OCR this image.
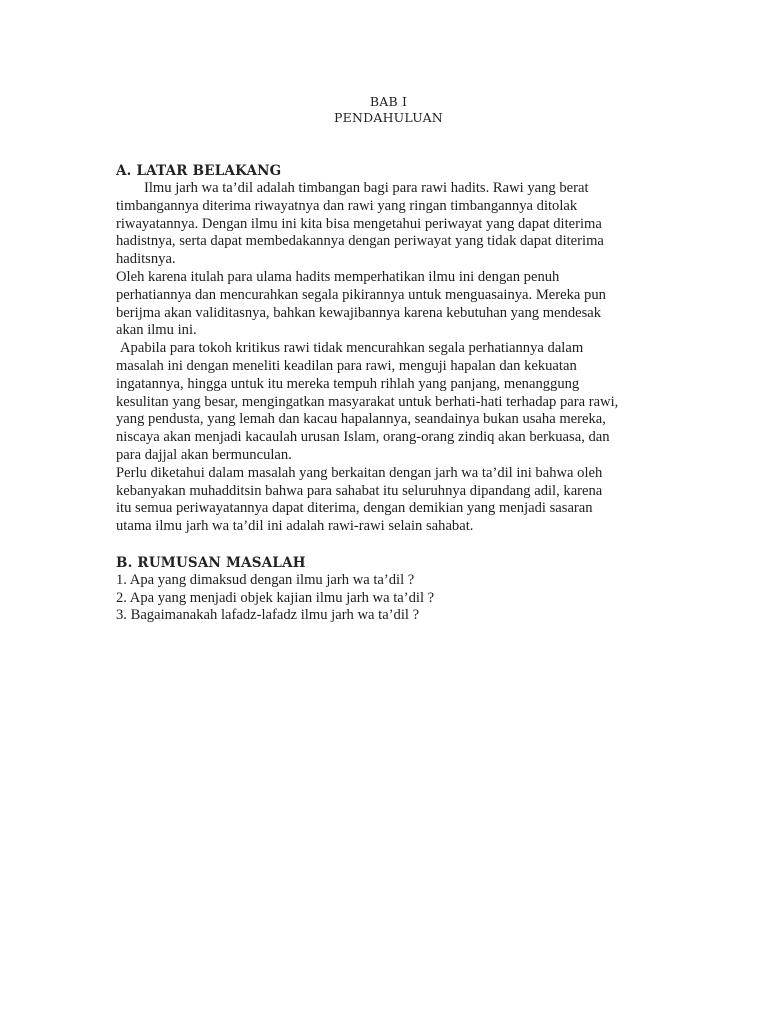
BAB I
PENDAHULUAN
A. LATAR BELAKANG

Ilmu jarh wa ta’dil adalah timbangan bagi para rawi hadits. Rawi yang berat
timbangannya diterima riwayatnya dan rawi yang ringan timbangannya ditolak
riwayatannya. Dengan ilmu ini kita bisa mengetahui periwayat yang dapat diterima
hadistnya, serta dapat membedakannya dengan periwayat yang tidak dapat diterima
haditsnya.

Oleh karena itulah para ulama hadits memperhatikan ilmu ini dengan penuh
perhatiannya dan mencurahkan segala pikirannya untuk menguasainya. Mereka pun
berijma akan validitasnya, bahkan kewajibannya karena kebutuhan yang mendesak
akan ilmu ini.

Apabila para tokoh kritikus rawi tidak mencurahkan segala perhatiannya dalam
masalah ini dengan meneliti keadilan para rawi, menguji hapalan dan kekuatan
ingatannya, hingga untuk itu mereka tempuh rihlah yang panjang, menanggung
kesulitan yang besar, mengingatkan masyarakat untuk berhati-hati terhadap para rawi,
yang pendusta, yang lemah dan kacau hapalannya, seandainya bukan usaha mereka,
niscaya akan menjadi kacaulah urusan Islam, orang-orang zindiq akan berkuasa, dan
para dajjal akan bermunculan.

Perlu diketahui dalam masalah yang berkaitan dengan jarh wa ta’dil ini bahwa oleh
kebanyakan muhadditsin bahwa para sahabat itu seluruhnya dipandang adil, karena
itu semua periwayatannya dapat diterima, dengan demikian yang menjadi sasaran
utama ilmu jarh wa ta’dil ini adalah rawi-rawi selain sahabat.

B. RUMUSAN MASALAH
1. Apa yang dimaksud dengan ilmu jarh wa ta’dil ?
2. Apa yang menjadi objek kajian ilmu jarh wa ta’dil ?
3. Bagaimanakah lafadz-lafadz ilmu jarh wa ta’dil ?
